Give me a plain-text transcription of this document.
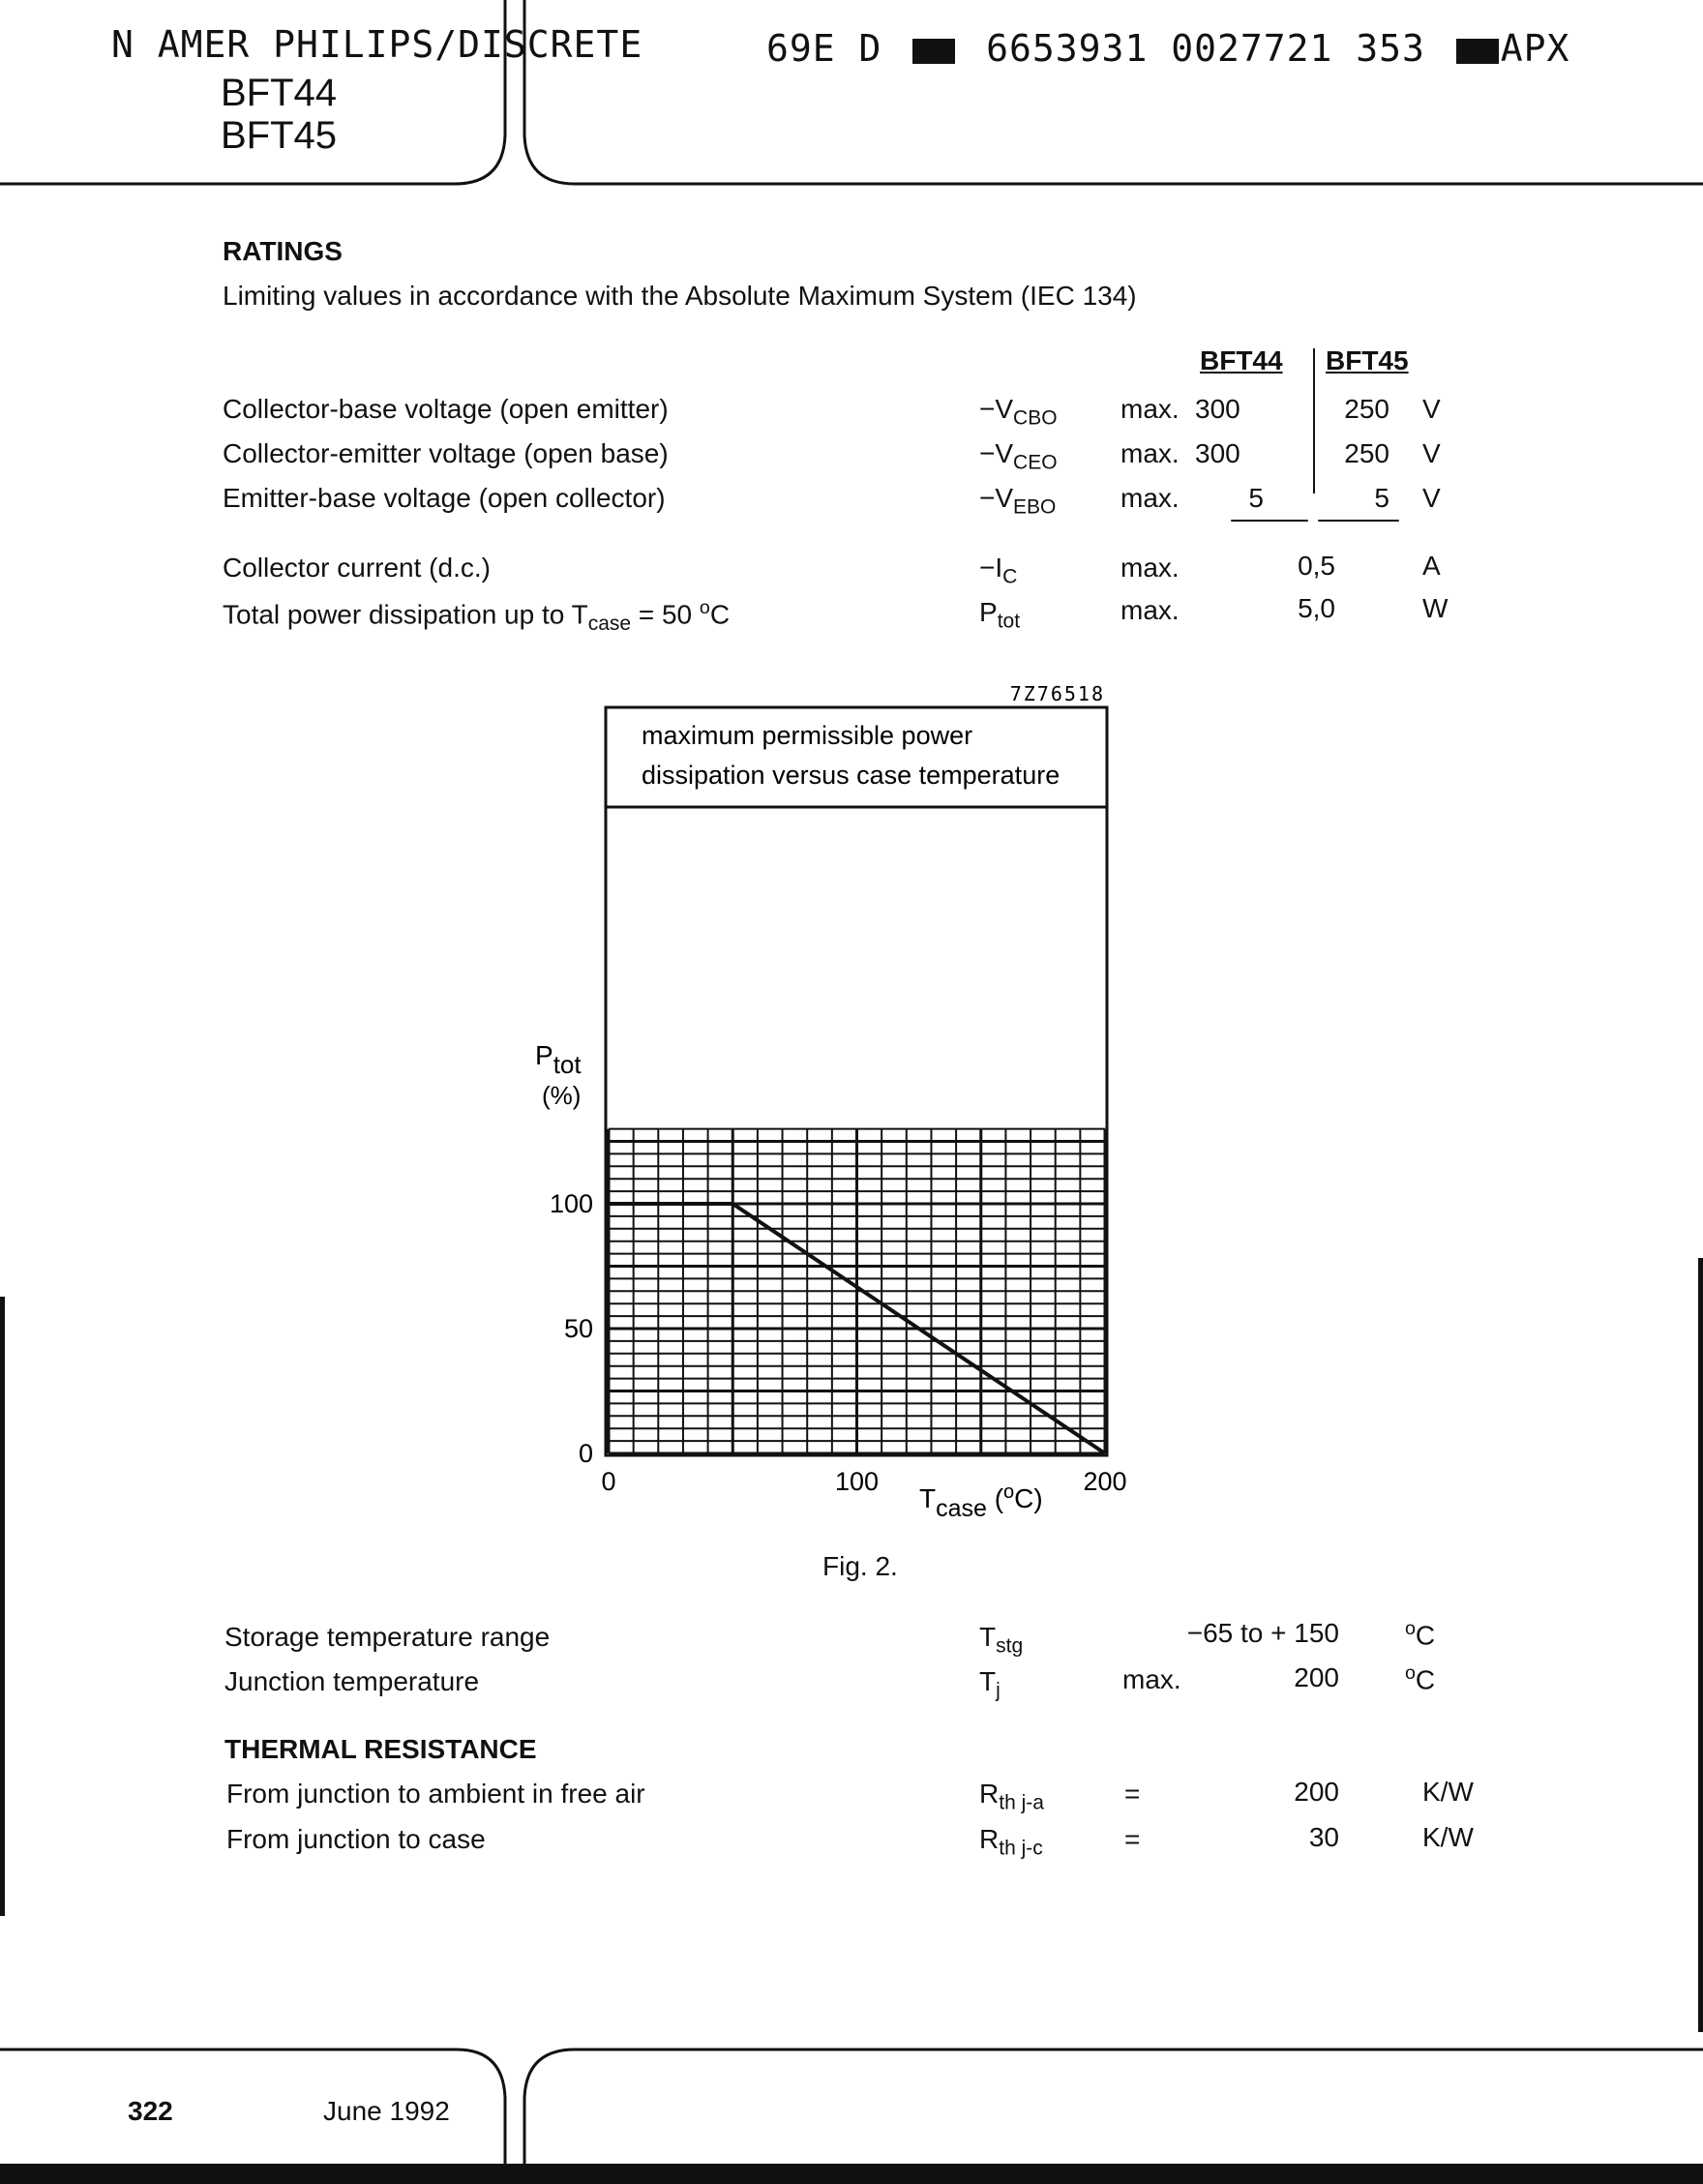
N AMER PHILIPS/DISCRETE	69E D	6653931 0027721 353 APX
BFT44
BFT45
RATINGS
Limiting values in accordance with the Absolute Maximum System (IEC 134)
BFT44 BFT45
Collector-base voltage (open emitter)	$-V_{CBO}$ max. 300	250 V
Collector-emitter voltage (open base)	$-V_{CEO}$ max. 300	250 V
Emitter-base voltage (open collector)	$-V_{EBO}$ max.	5	5 V
Collector current (d.c.)	$-I_C$	max.	0,5	A
Total power dissipation up to $T_{case} = 50$ $^o$C	$P_{tot}$	max.	5,0	W
7Z76518
maximum permissible power
dissipation versus case temperature
0
50
100
0	100	200
Ptot
(%)
Tcase ($^o$C)
Fig. 2.
Storage temperature range	$T_{stg}$	−65 to + 150	$^o$C
Junction temperature	$T_j$	max.	200	$^o$C
THERMAL RESISTANCE
From junction to ambient in free air	$R_{th j-a}$	=	200	K/W
From junction to case	$R_{th j-c}$	=	30	K/W
322	June 1992
